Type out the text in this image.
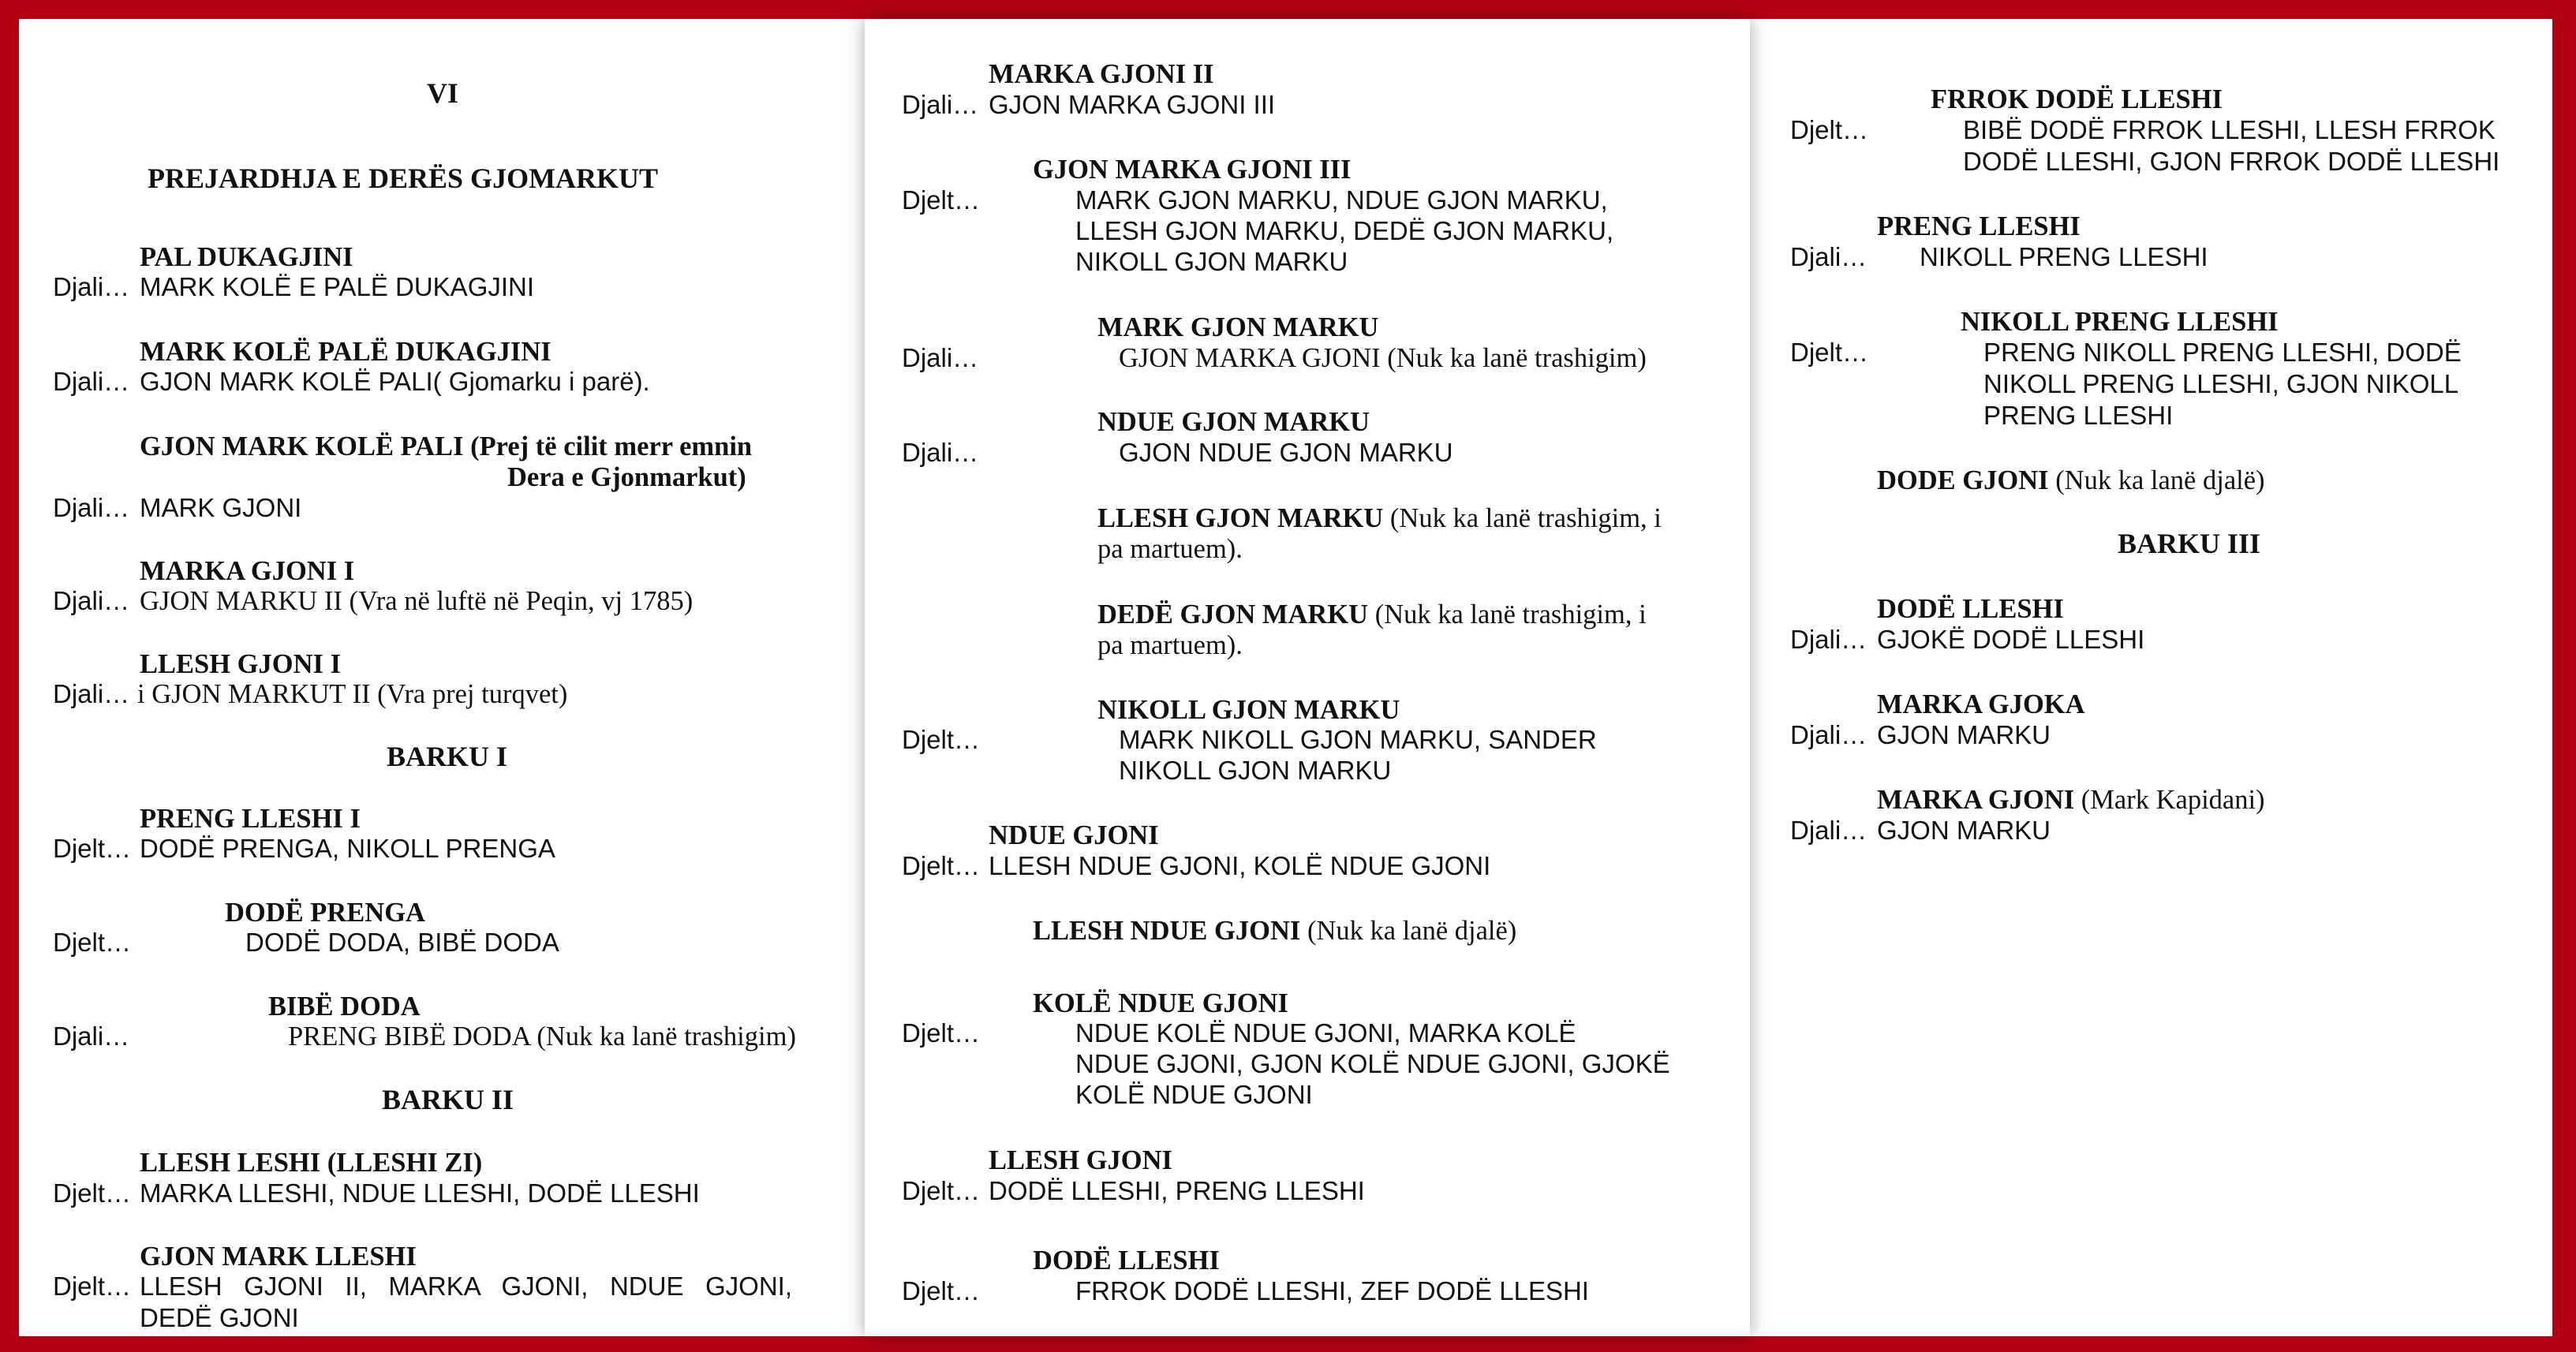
VI
PREJARDHJA E DERËS GJOMARKUT
PAL DUKAGJINI
Djali… MARK KOLË E PALË DUKAGJINI
MARK KOLË PALË DUKAGJINI
Djali… GJON MARK KOLË PALI( Gjomarku i parë).
GJON MARK KOLË PALI (Prej të cilit merr emnin
Dera e Gjonmarkut)
Djali… MARK GJONI
MARKA GJONI I
Djali… GJON MARKU II (Vra në luftë në Peqin, vj 1785)
LLESH GJONI I
Djali… i GJON MARKUT II (Vra prej turqvet)
BARKU I
PRENG LLESHI I
Djelt… DODË PRENGA, NIKOLL PRENGA
DODË PRENGA
Djelt…	DODË DODA, BIBË DODA
BIBË DODA
Djali…	PRENG BIBË DODA (Nuk ka lanë trashigim)
BARKU II
LLESH LESHI (LLESHI ZI)
Djelt… MARKA LLESHI, NDUE LLESHI, DODË LLESHI
GJON MARK LLESHI
Djelt… LLESH   GJONI   II,   MARKA   GJONI,   NDUE   GJONI,
DEDË GJONI
MARKA GJONI II
Djali… GJON MARKA GJONI III
GJON MARKA GJONI III
Djelt…	MARK GJON MARKU, NDUE GJON MARKU,
LLESH GJON MARKU, DEDË GJON MARKU,
NIKOLL GJON MARKU
MARK GJON MARKU
Djali…	GJON MARKA GJONI (Nuk ka lanë trashigim)
NDUE GJON MARKU
Djali…	GJON NDUE GJON MARKU
LLESH GJON MARKU (Nuk ka lanë trashigim, i
pa martuem).
DEDË GJON MARKU (Nuk ka lanë trashigim, i
pa martuem).
NIKOLL GJON MARKU
Djelt…	MARK NIKOLL GJON MARKU, SANDER
NIKOLL GJON MARKU
NDUE GJONI
Djelt… LLESH NDUE GJONI, KOLË NDUE GJONI
LLESH NDUE GJONI (Nuk ka lanë djalë)
KOLË NDUE GJONI
Djelt…	NDUE KOLË NDUE GJONI, MARKA KOLË
NDUE GJONI, GJON KOLË NDUE GJONI, GJOKË
KOLË NDUE GJONI
LLESH GJONI
Djelt… DODË LLESHI, PRENG LLESHI
DODË LLESHI
Djelt…	FRROK DODË LLESHI, ZEF DODË LLESHI
FRROK DODË LLESHI
Djelt…	BIBË DODË FRROK LLESHI, LLESH FRROK
DODË LLESHI, GJON FRROK DODË LLESHI
PRENG LLESHI
Djali… NIKOLL PRENG LLESHI
NIKOLL PRENG LLESHI
Djelt…	PRENG NIKOLL PRENG LLESHI, DODË
NIKOLL PRENG LLESHI, GJON NIKOLL
PRENG LLESHI
DODE GJONI (Nuk ka lanë djalë)
BARKU III
DODË LLESHI
Djali… GJOKË DODË LLESHI
MARKA GJOKA
Djali… GJON MARKU
MARKA GJONI (Mark Kapidani)
Djali… GJON MARKU
